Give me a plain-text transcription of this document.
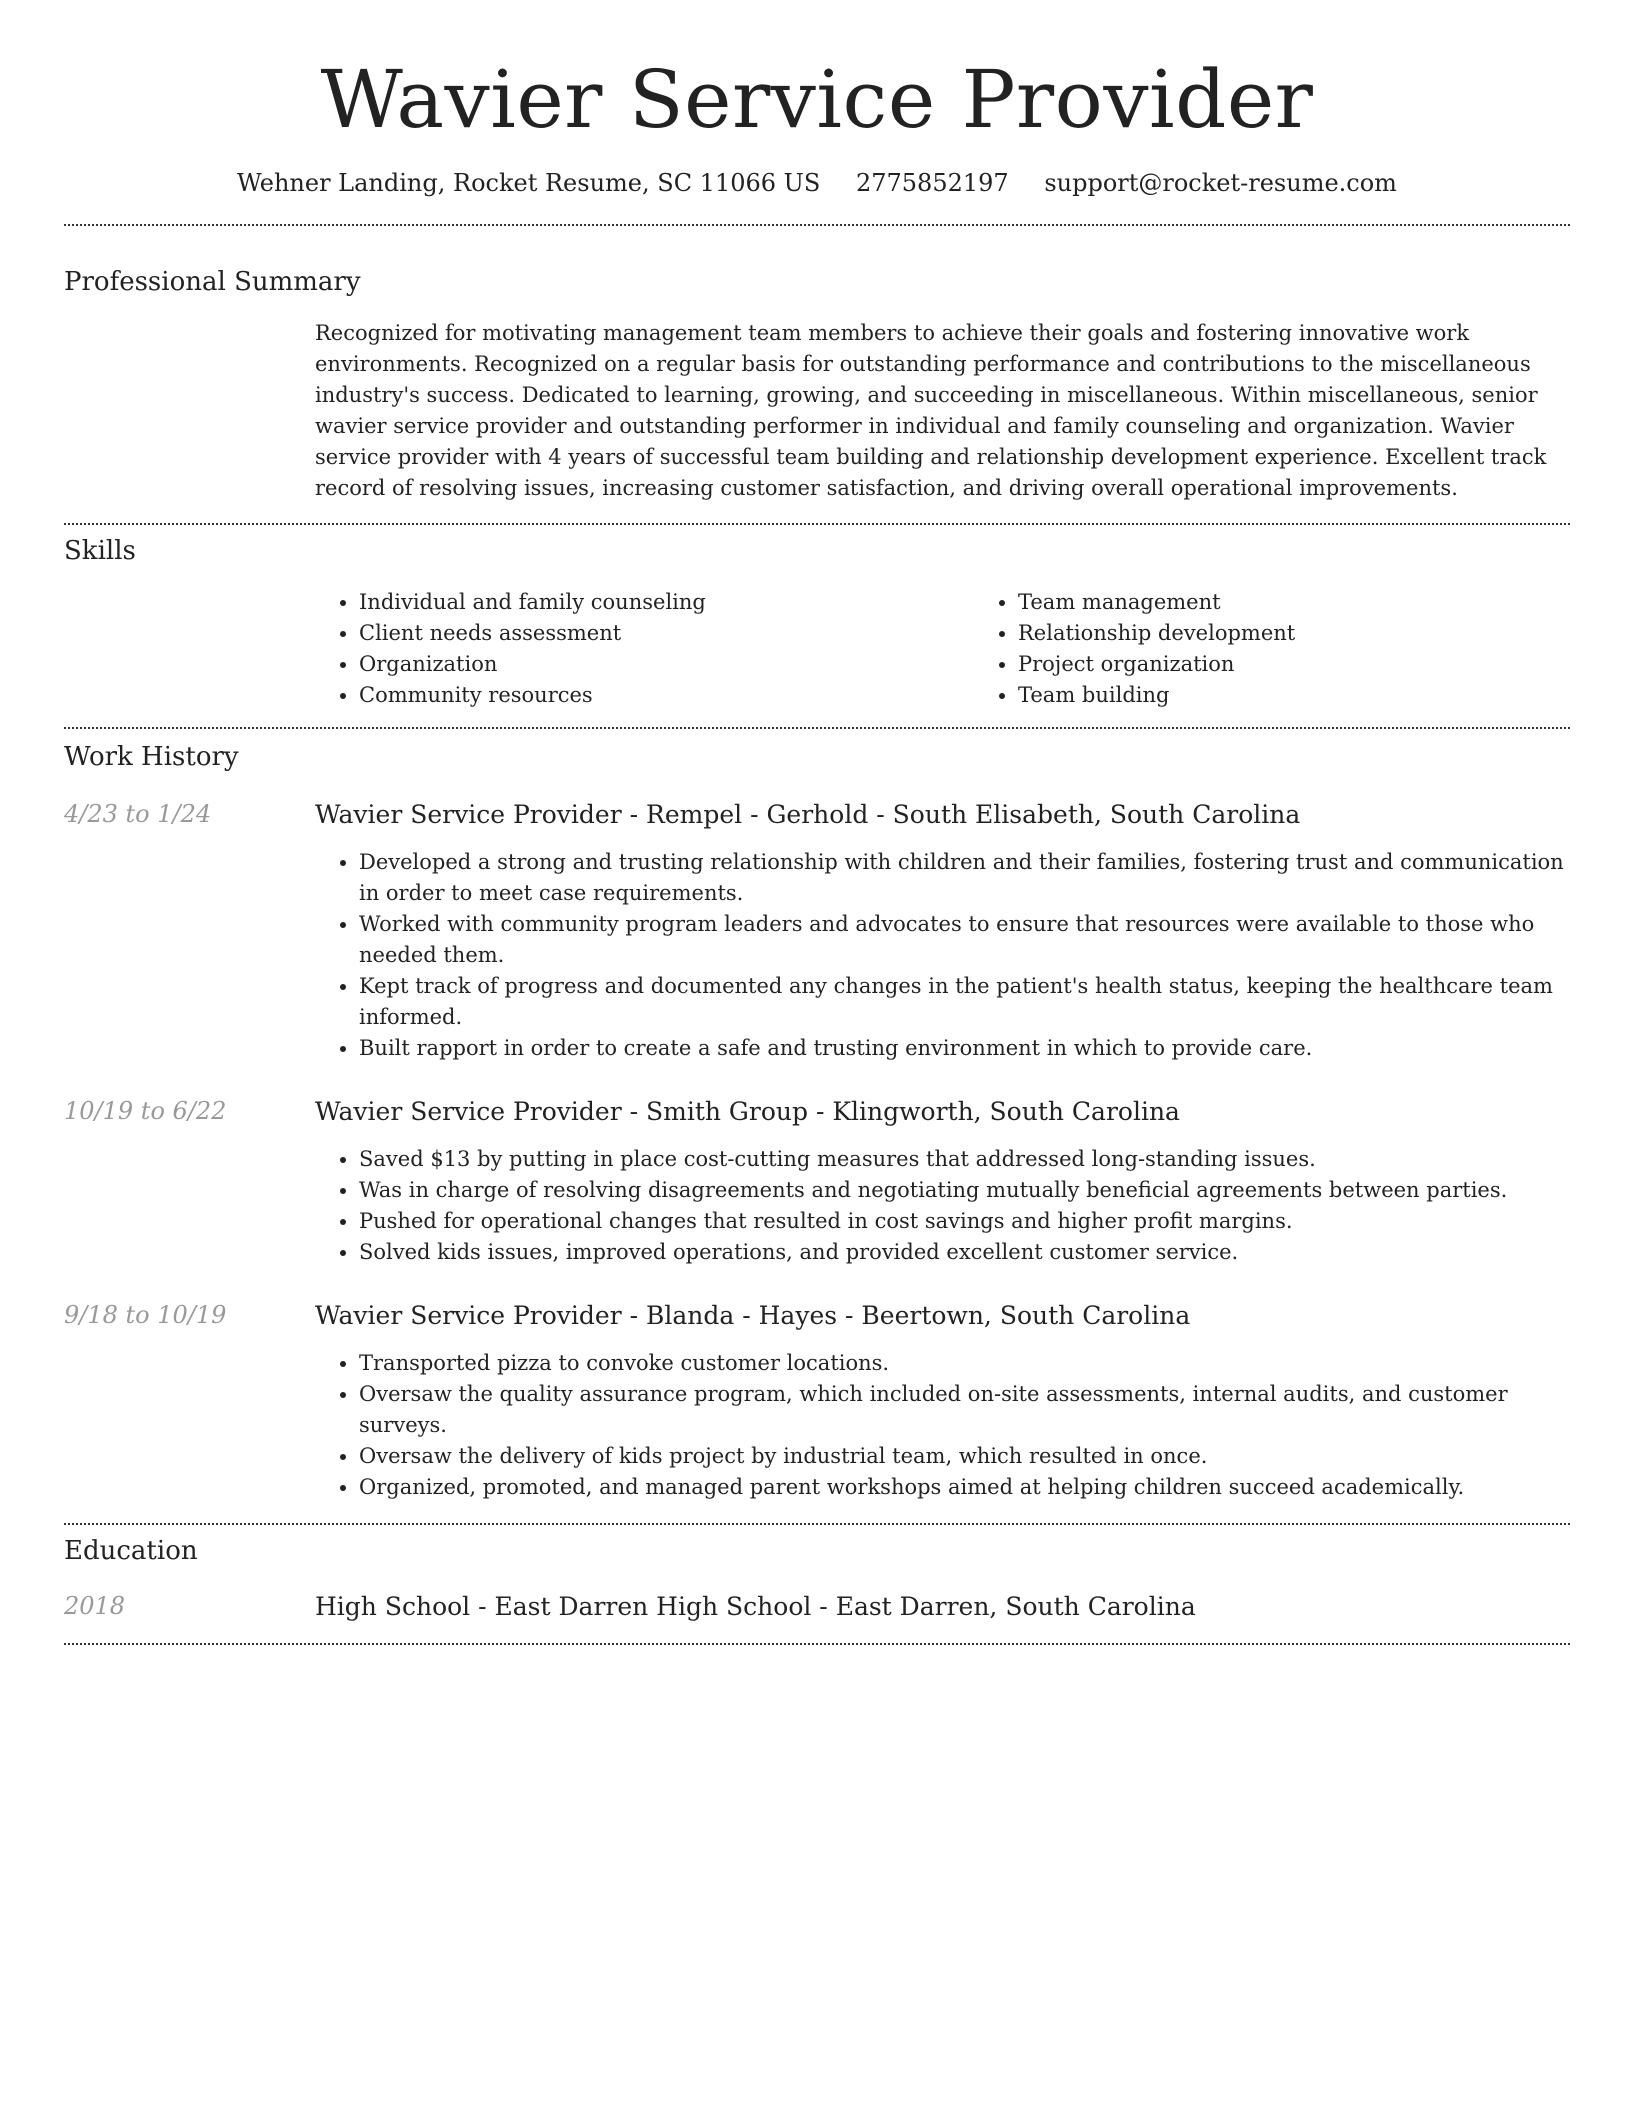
Wavier Service Provider
Wehner Landing, Rocket Resume, SC 11066 US 2775852197 support@rocket-resume.com
Professional Summary

Recognized for motivating management team members to achieve their goals and fostering innovative work environments. Recognized on a regular basis for outstanding performance and contributions to the miscellaneous industry's success. Dedicated to learning, growing, and succeeding in miscellaneous. Within miscellaneous, senior wavier service provider and outstanding performer in individual and family counseling and organization. Wavier service provider with 4 years of successful team building and relationship development experience. Excellent track record of resolving issues, increasing customer satisfaction, and driving overall operational improvements.

Skills
• Individual and family counseling
• Client needs assessment
• Organization
• Community resources
• Team management
• Relationship development
• Project organization
• Team building
Work History
4/23 to 1/24	Wavier Service Provider - Rempel - Gerhold - South Elisabeth, South Carolina
• Developed a strong and trusting relationship with children and their families, fostering trust and communication in order to meet case requirements.
• Worked with community program leaders and advocates to ensure that resources were available to those who needed them.
• Kept track of progress and documented any changes in the patient's health status, keeping the healthcare team informed.
• Built rapport in order to create a safe and trusting environment in which to provide care.
10/19 to 6/22	Wavier Service Provider - Smith Group - Klingworth, South Carolina
• Saved $13 by putting in place cost-cutting measures that addressed long-standing issues.
• Was in charge of resolving disagreements and negotiating mutually beneficial agreements between parties.
• Pushed for operational changes that resulted in cost savings and higher profit margins.
• Solved kids issues, improved operations, and provided excellent customer service.
9/18 to 10/19	Wavier Service Provider - Blanda - Hayes - Beertown, South Carolina
• Transported pizza to convoke customer locations.
• Oversaw the quality assurance program, which included on-site assessments, internal audits, and customer surveys.
• Oversaw the delivery of kids project by industrial team, which resulted in once.
• Organized, promoted, and managed parent workshops aimed at helping children succeed academically.
Education
2018	High School - East Darren High School - East Darren, South Carolina
